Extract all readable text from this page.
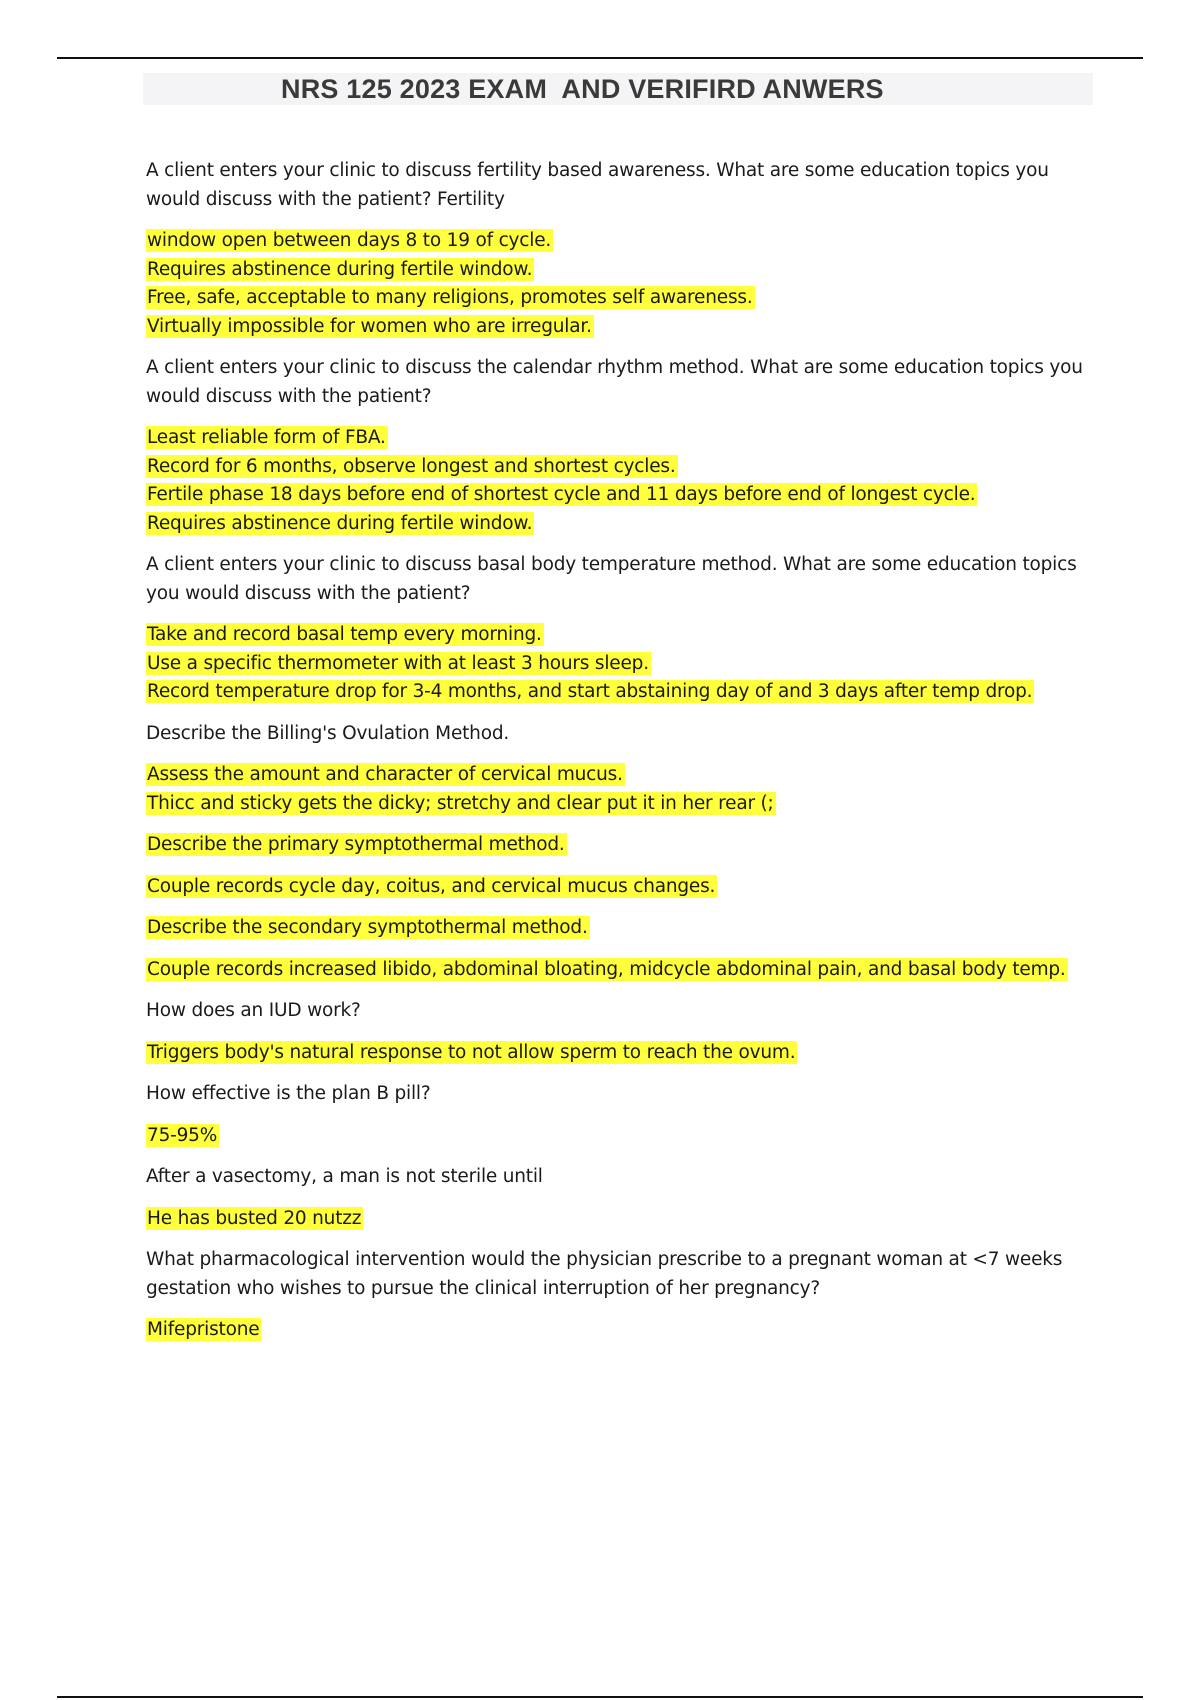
NRS 125 2023 EXAM  AND VERIFIRD ANWERS

A client enters your clinic to discuss fertility based awareness. What are some education topics you would discuss with the patient? Fertility

window open between days 8 to 19 of cycle.
Requires abstinence during fertile window.
Free, safe, acceptable to many religions, promotes self awareness.
Virtually impossible for women who are irregular.

A client enters your clinic to discuss the calendar rhythm method. What are some education topics you would discuss with the patient?

Least reliable form of FBA.
Record for 6 months, observe longest and shortest cycles.
Fertile phase 18 days before end of shortest cycle and 11 days before end of longest cycle.
Requires abstinence during fertile window.

A client enters your clinic to discuss basal body temperature method. What are some education topics you would discuss with the patient?

Take and record basal temp every morning.
Use a specific thermometer with at least 3 hours sleep.
Record temperature drop for 3-4 months, and start abstaining day of and 3 days after temp drop.

Describe the Billing's Ovulation Method.

Assess the amount and character of cervical mucus.
Thicc and sticky gets the dicky; stretchy and clear put it in her rear (;
Describe the primary symptothermal method.
Couple records cycle day, coitus, and cervical mucus changes.
Describe the secondary symptothermal method.
Couple records increased libido, abdominal bloating, midcycle abdominal pain, and basal body temp.

How does an IUD work?

Triggers body's natural response to not allow sperm to reach the ovum.

How effective is the plan B pill?

75-95%

After a vasectomy, a man is not sterile until

He has busted 20 nutzz

What pharmacological intervention would the physician prescribe to a pregnant woman at <7 weeks gestation who wishes to pursue the clinical interruption of her pregnancy?

Mifepristone
